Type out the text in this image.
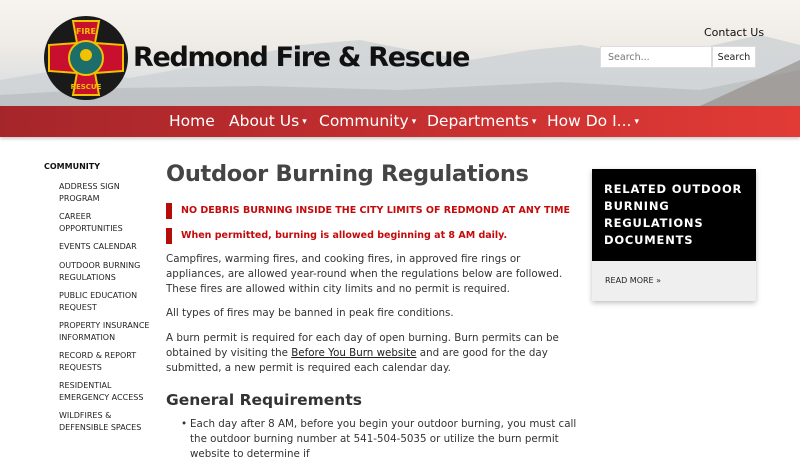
FIRE
RESCUE
Redmond Fire & Rescue
Contact Us
Search...
Search
Home About Us ▾ Community ▾ Departments ▾ How Do I... ▾
COMMUNITY
ADDRESS SIGN PROGRAM
CAREER OPPORTUNITIES
EVENTS CALENDAR
OUTDOOR BURNING REGULATIONS
PUBLIC EDUCATION REQUEST
PROPERTY INSURANCE INFORMATION
RECORD & REPORT REQUESTS
RESIDENTIAL EMERGENCY ACCESS
WILDFIRES & DEFENSIBLE SPACES
Outdoor Burning Regulations
NO DEBRIS BURNING INSIDE THE CITY LIMITS OF REDMOND AT ANY TIME
When permitted, burning is allowed beginning at 8 AM daily.

Campfires, warming fires, and cooking fires, in approved fire rings or appliances, are allowed year-round when the regulations below are followed. These fires are allowed within city limits and no permit is required.

All types of fires may be banned in peak fire conditions.

A burn permit is required for each day of open burning. Burn permits can be obtained by visiting the Before You Burn website and are good for the day submitted, a new permit is required each calendar day.

General Requirements
• Each day after 8 AM, before you begin your outdoor burning, you must call the outdoor burning number at 541-504-5035 or utilize the burn permit website to determine if
RELATED OUTDOOR BURNING REGULATIONS DOCUMENTS
READ MORE »
